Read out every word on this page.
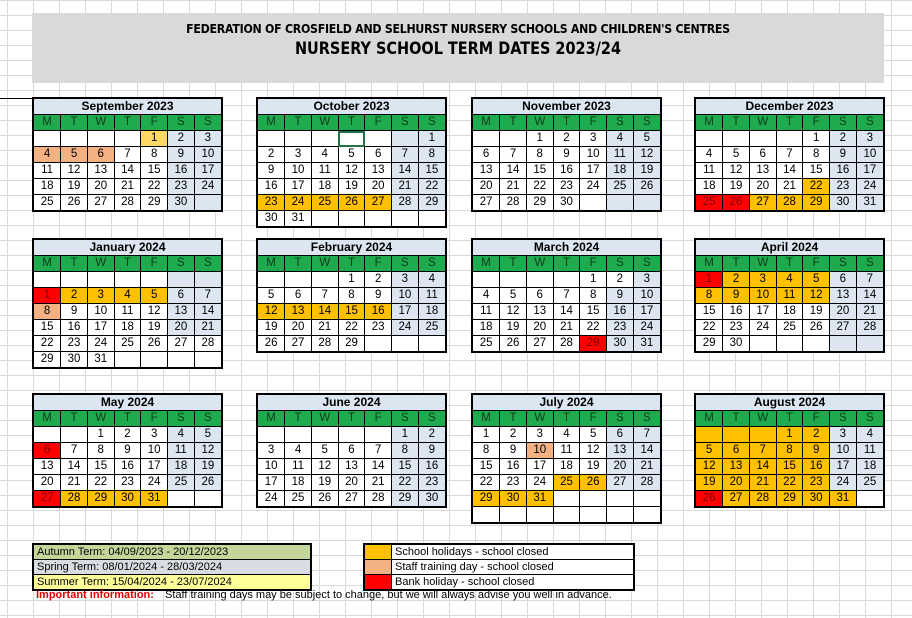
FEDERATION OF CROSFIELD AND SELHURST NURSERY SCHOOLS AND CHILDREN'S CENTRES
NURSERY SCHOOL TERM DATES 2023/24
September 2023						
M	T	W	T	F	S	S
				1	2	3
4	5	6	7	8	9	10
11	12	13	14	15	16	17
18	19	20	21	22	23	24
25	26	27	28	29	30	
October 2023						
M	T	W	T	F	S	S
						1
2	3	4	5	6	7	8
9	10	11	12	13	14	15
16	17	18	19	20	21	22
23	24	25	26	27	28	29
30	31					
November 2023						
M	T	W	T	F	S	S
		1	2	3	4	5
6	7	8	9	10	11	12
13	14	15	16	17	18	19
20	21	22	23	24	25	26
27	28	29	30			
December 2023						
M	T	W	T	F	S	S
				1	2	3
4	5	6	7	8	9	10
11	12	13	14	15	16	17
18	19	20	21	22	23	24
25	26	27	28	29	30	31
January 2024						
M	T	W	T	F	S	S

1	2	3	4	5	6	7
8	9	10	11	12	13	14
15	16	17	18	19	20	21
22	23	24	25	26	27	28
29	30	31				
February 2024						
M	T	W	T	F	S	S
			1	2	3	4
5	6	7	8	9	10	11
12	13	14	15	16	17	18
19	20	21	22	23	24	25
26	27	28	29			
March 2024						
M	T	W	T	F	S	S
				1	2	3
4	5	6	7	8	9	10
11	12	13	14	15	16	17
18	19	20	21	22	23	24
25	26	27	28	29	30	31
April 2024						
M	T	W	T	F	S	S
1	2	3	4	5	6	7
8	9	10	11	12	13	14
15	16	17	18	19	20	21
22	23	24	25	26	27	28
29	30					
May 2024						
M	T	W	T	F	S	S
		1	2	3	4	5
6	7	8	9	10	11	12
13	14	15	16	17	18	19
20	21	22	23	24	25	26
27	28	29	30	31		
June 2024						
M	T	W	T	F	S	S
					1	2
3	4	5	6	7	8	9
10	11	12	13	14	15	16
17	18	19	20	21	22	23
24	25	26	27	28	29	30
July 2024						
M	T	W	T	F	S	S
1	2	3	4	5	6	7
8	9	10	11	12	13	14
15	16	17	18	19	20	21
22	23	24	25	26	27	28
29	30	31				

August 2024						
M	T	W	T	F	S	S
			1	2	3	4
5	6	7	8	9	10	11
12	13	14	15	16	17	18
19	20	21	22	23	24	25
26	27	28	29	30	31	
Autumn Term: 04/09/2023 - 20/12/2023
Spring Term: 08/01/2024 - 28/03/2024
Summer Term: 15/04/2024 - 23/07/2024
School holidays - school closed
Staff training day - school closed
Bank holiday - school closed
Important information: Staff training days may be subject to change, but we will always advise you well in advance.
